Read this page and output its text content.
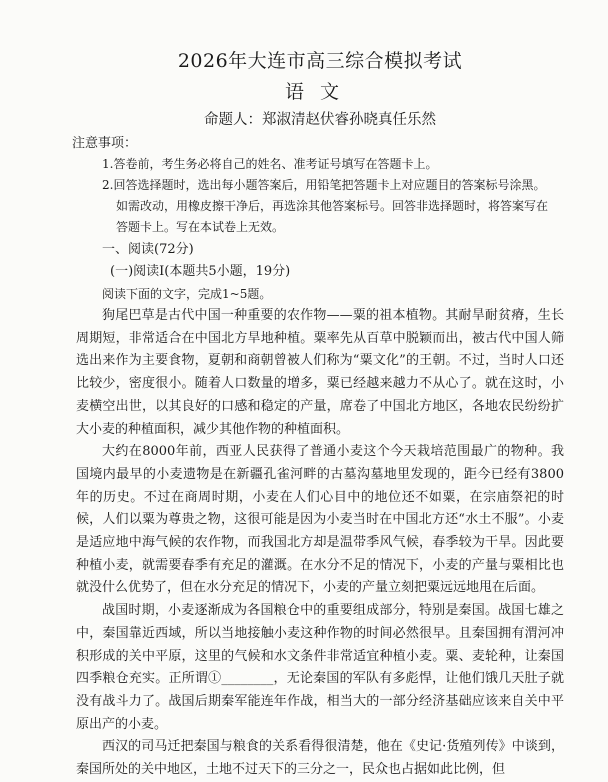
2026年大连市高三综合模拟考试
语文
命题人：郑淑清赵伏睿孙晓真任乐然
注意事项：
1.答卷前，考生务必将自己的姓名、准考证号填写在答题卡上。
2.回答选择题时，选出每小题答案后，用铅笔把答题卡上对应题目的答案标号涂黑。
如需改动，用橡皮擦干净后，再选涂其他答案标号。回答非选择题时，将答案写在
答题卡上。写在本试卷上无效。
一、阅读(72分)
(一)阅读Ⅰ(本题共5小题，19分)
阅读下面的文字，完成1~5题。

狗尾巴草是古代中国一种重要的农作物——粟的祖本植物。其耐旱耐贫瘠，生长周期短，非常适合在中国北方旱地种植。粟率先从百草中脱颖而出，被古代中国人筛选出来作为主要食物，夏朝和商朝曾被人们称为“粟文化”的王朝。不过，当时人口还比较少，密度很小。随着人口数量的增多，粟已经越来越力不从心了。就在这时，小麦横空出世，以其良好的口感和稳定的产量，席卷了中国北方地区，各地农民纷纷扩大小麦的种植面积，减少其他作物的种植面积。

大约在8000年前，西亚人民获得了普通小麦这个今天栽培范围最广的物种。我国境内最早的小麦遗物是在新疆孔雀河畔的古墓沟墓地里发现的，距今已经有3800年的历史。不过在商周时期，小麦在人们心目中的地位还不如粟，在宗庙祭祀的时候，人们以粟为尊贵之物，这很可能是因为小麦当时在中国北方还“水土不服”。小麦是适应地中海气候的农作物，而我国北方却是温带季风气候，春季较为干旱。因此要种植小麦，就需要春季有充足的灌溉。在水分不足的情况下，小麦的产量与粟相比也就没什么优势了，但在水分充足的情况下，小麦的产量立刻把粟远远地甩在后面。

战国时期，小麦逐渐成为各国粮仓中的重要组成部分，特别是秦国。战国七雄之中，秦国靠近西域，所以当地接触小麦这种作物的时间必然很早。且秦国拥有渭河冲积形成的关中平原，这里的气候和水文条件非常适宜种植小麦。粟、麦轮种，让秦国四季粮仓充实。正所谓①________，无论秦国的军队有多彪悍，让他们饿几天肚子就没有战斗力了。战国后期秦军能连年作战，相当大的一部分经济基础应该来自关中平原出产的小麦。

西汉的司马迁把秦国与粮食的关系看得很清楚，他在《史记·货殖列传》中谈到，秦国所处的关中地区，土地不过天下的三分之一，民众也占据如此比例，但
